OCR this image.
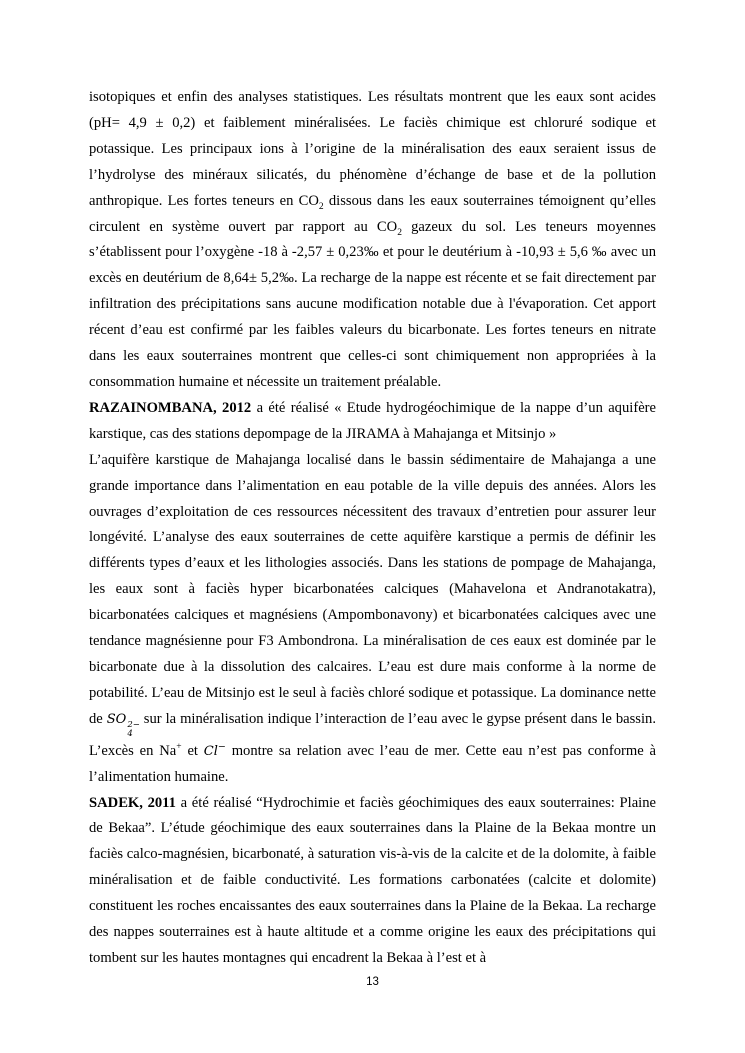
isotopiques et enfin des analyses statistiques. Les résultats montrent que les eaux sont acides (pH= 4,9 ± 0,2) et faiblement minéralisées. Le faciès chimique est chloruré sodique et potassique. Les principaux ions à l’origine de la minéralisation des eaux seraient issus de l’hydrolyse des minéraux silicatés, du phénomène d’échange de base et de la pollution anthropique. Les fortes teneurs en $CO_2$ dissous dans les eaux souterraines témoignent qu’elles circulent en système ouvert par rapport au $CO_2$ gazeux du sol. Les teneurs moyennes s’établissent pour l’oxygène -18 à -2,57 ± 0,23‰ et pour le deutérium à -10,93 ± 5,6 ‰ avec un excès en deutérium de 8,64± 5,2‰. La recharge de la nappe est récente et se fait directement par infiltration des précipitations sans aucune modification notable due à l'évaporation. Cet apport récent d’eau est confirmé par les faibles valeurs du bicarbonate. Les fortes teneurs en nitrate dans les eaux souterraines montrent que celles-ci sont chimiquement non appropriées à la consommation humaine et nécessite un traitement préalable.

RAZAINOMBANA, 2012 a été réalisé « Etude hydrogéochimique de la nappe d’un aquifère karstique, cas des stations depompage de la JIRAMA à Mahajanga et Mitsinjo »

L’aquifère karstique de Mahajanga localisé dans le bassin sédimentaire de Mahajanga a une grande importance dans l’alimentation en eau potable de la ville depuis des années. Alors les ouvrages d’exploitation de ces ressources nécessitent des travaux d’entretien pour assurer leur longévité. L’analyse des eaux souterraines de cette aquifère karstique a permis de définir les différents types d’eaux et les lithologies associés. Dans les stations de pompage de Mahajanga, les eaux sont à faciès hyper bicarbonatées calciques (Mahavelona et Andranotakatra), bicarbonatées calciques et magnésiens (Ampombonavony) et bicarbonatées calciques avec une tendance magnésienne pour F3 Ambondrona. La minéralisation de ces eaux est dominée par le bicarbonate due à la dissolution des calcaires. L’eau est dure mais conforme à la norme de potabilité. L’eau de Mitsinjo est le seul à faciès chloré sodique et potassique. La dominance nette de SO 2−
4
sur la minéralisation indique l’interaction de l’eau avec le gypse présent dans le bassin. L’excès en Na+ et Cl− montre sa relation avec l’eau de mer. Cette eau n’est pas conforme à l’alimentation humaine.

SADEK, 2011 a été réalisé “Hydrochimie et faciès géochimiques des eaux souterraines: Plaine de Bekaa”. L’étude géochimique des eaux souterraines dans la Plaine de la Bekaa montre un faciès calco-magnésien, bicarbonaté, à saturation vis-à-vis de la calcite et de la dolomite, à faible minéralisation et de faible conductivité. Les formations carbonatées (calcite et dolomite) constituent les roches encaissantes des eaux souterraines dans la Plaine de la Bekaa. La recharge des nappes souterraines est à haute altitude et a comme origine les eaux des précipitations qui tombent sur les hautes montagnes qui encadrent la Bekaa à l’est et à

13
